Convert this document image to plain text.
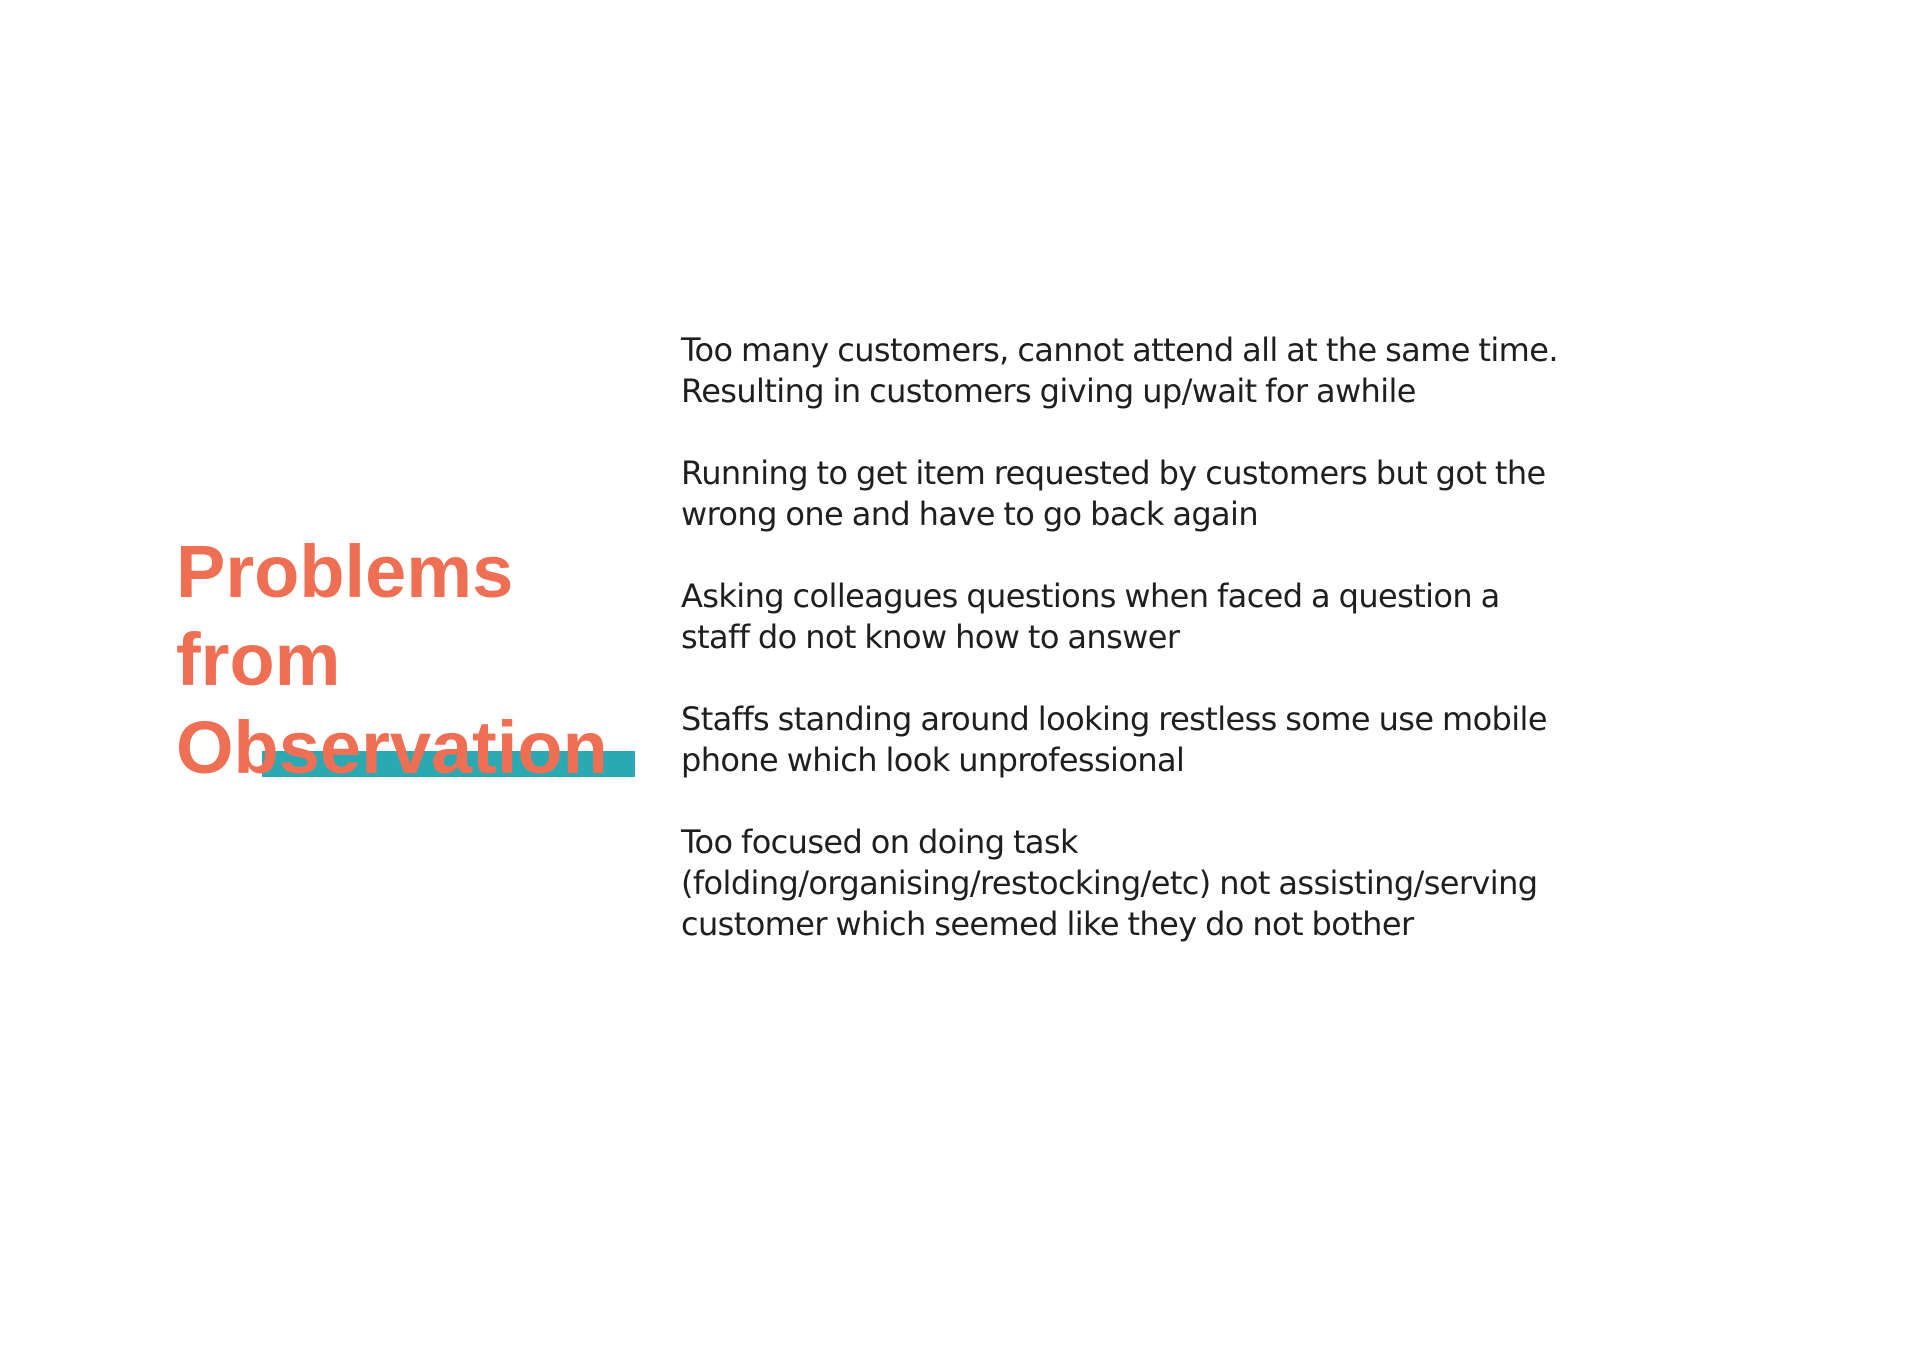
Problems
from
Observation

Too many customers, cannot attend all at the same time.
Resulting in customers giving up/wait for awhile

Running to get item requested by customers but got the
wrong one and have to go back again

Asking colleagues questions when faced a question a
staff do not know how to answer

Staffs standing around looking restless some use mobile
phone which look unprofessional

Too focused on doing task
(folding/organising/restocking/etc) not assisting/serving
customer which seemed like they do not bother
